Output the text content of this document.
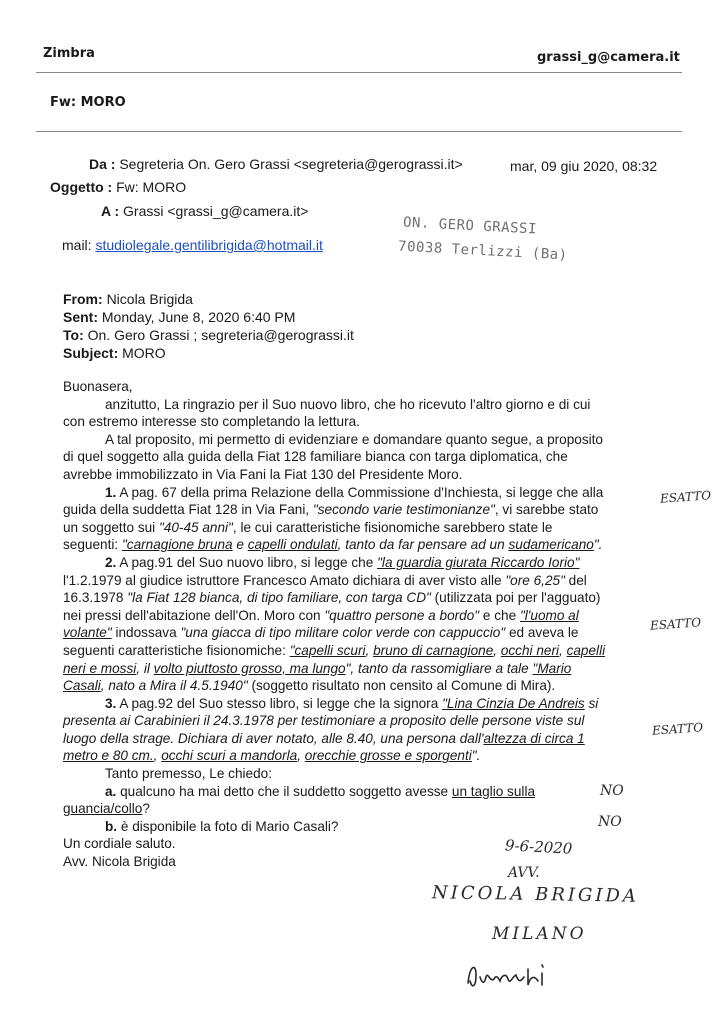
Zimbra	grassi_g@camera.it
Fw: MORO
Da : Segreteria On. Gero Grassi <segreteria@gerograssi.it>	mar, 09 giu 2020, 08:32
Oggetto : Fw: MORO
A : Grassi <grassi_g@camera.it>
mail: studiolegale.gentilibrigida@hotmail.it
ON. GERO GRASSI
70038 Terlizzi (Ba)
From: Nicola Brigida
Sent: Monday, June 8, 2020 6:40 PM
To: On. Gero Grassi ; segreteria@gerograssi.it
Subject: MORO
Buonasera,
anzitutto, La ringrazio per il Suo nuovo libro, che ho ricevuto l'altro giorno e di cui
con estremo interesse sto completando la lettura.
A tal proposito, mi permetto di evidenziare e domandare quanto segue, a proposito
di quel soggetto alla guida della Fiat 128 familiare bianca con targa diplomatica, che
avrebbe immobilizzato in Via Fani la Fiat 130 del Presidente Moro.
1. A pag. 67 della prima Relazione della Commissione d'Inchiesta, si legge che alla
guida della suddetta Fiat 128 in Via Fani, "secondo varie testimonianze", vi sarebbe stato
un soggetto sui "40-45 anni", le cui caratteristiche fisionomiche sarebbero state le
seguenti: "carnagione bruna e capelli ondulati, tanto da far pensare ad un sudamericano".
2. A pag.91 del Suo nuovo libro, si legge che "la guardia giurata Riccardo Iorio"
l'1.2.1979 al giudice istruttore Francesco Amato dichiara di aver visto alle "ore 6,25" del
16.3.1978 "la Fiat 128 bianca, di tipo familiare, con targa CD" (utilizzata poi per l'agguato)
nei pressi dell'abitazione dell'On. Moro con "quattro persone a bordo" e che "l'uomo al
volante" indossava "una giacca di tipo militare color verde con cappuccio" ed aveva le
seguenti caratteristiche fisionomiche: "capelli scuri, bruno di carnagione, occhi neri, capelli
neri e mossi, il volto piuttosto grosso, ma lungo", tanto da rassomigliare a tale "Mario
Casali, nato a Mira il 4.5.1940" (soggetto risultato non censito al Comune di Mira).
3. A pag.92 del Suo stesso libro, si legge che la signora "Lina Cinzia De Andreis si
presenta ai Carabinieri il 24.3.1978 per testimoniare a proposito delle persone viste sul
luogo della strage. Dichiara di aver notato, alle 8.40, una persona dall'altezza di circa 1
metro e 80 cm., occhi scuri a mandorla, orecchie grosse e sporgenti".
Tanto premesso, Le chiedo:
a. qualcuno ha mai detto che il suddetto soggetto avesse un taglio sulla
guancia/collo?
b. è disponibile la foto di Mario Casali?
Un cordiale saluto.
Avv. Nicola Brigida
ESATTO
ESATTO
ESATTO
NO
NO
9-6-2020
AVV.
NICOLA BRIGIDA
MILANO
